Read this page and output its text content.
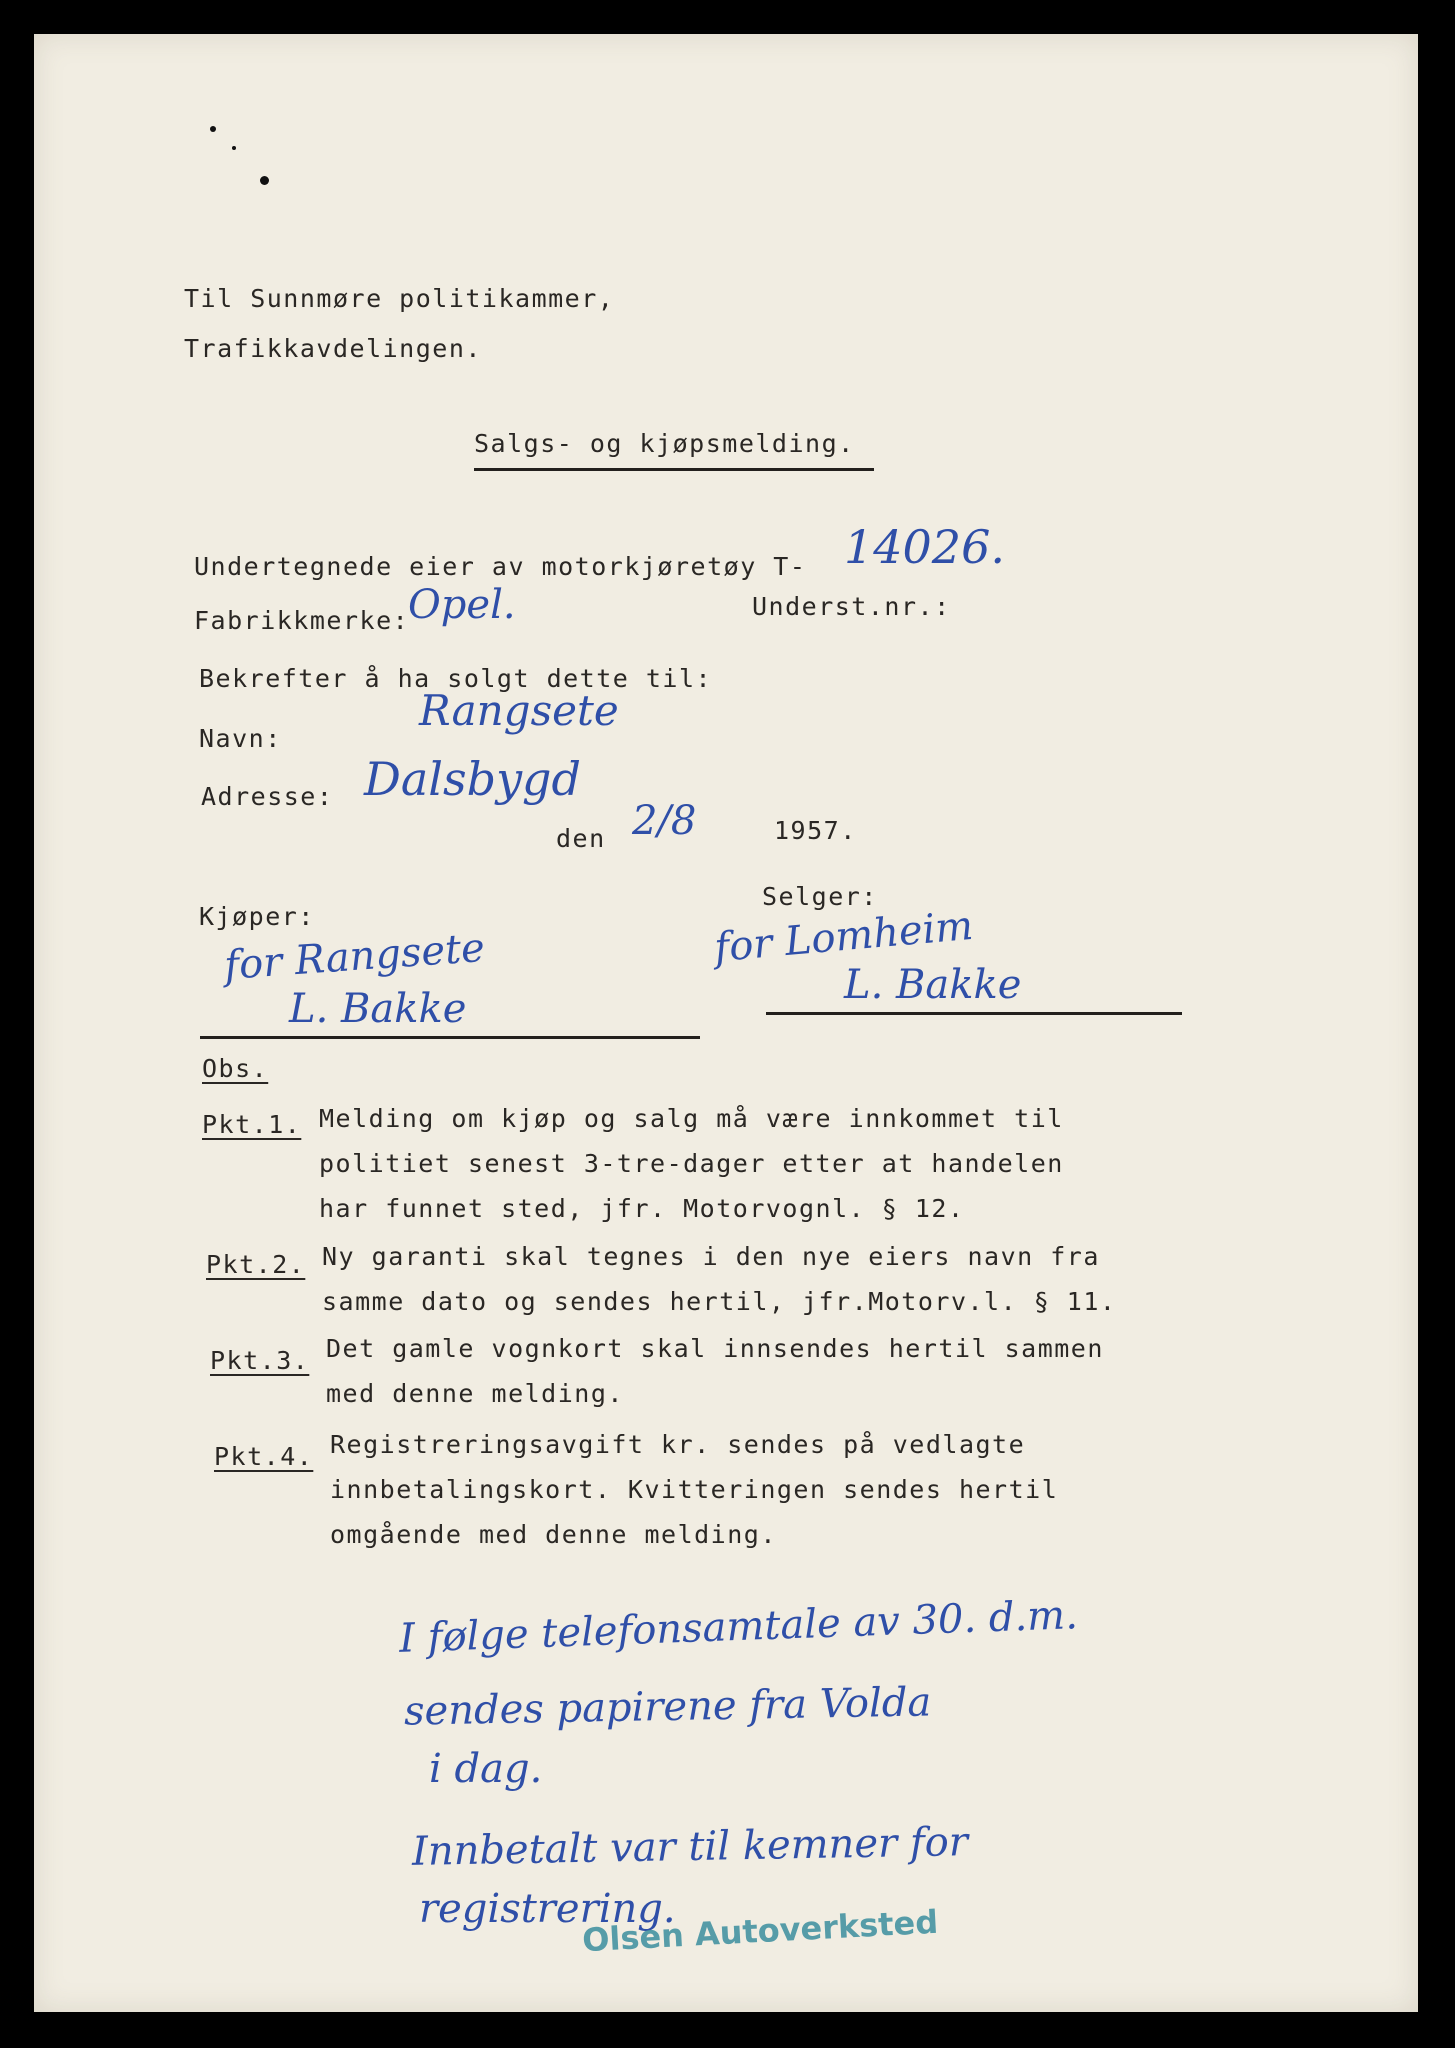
Til Sunnmøre politikammer,
Trafikkavdelingen.
Salgs- og kjøpsmelding.
Undertegnede eier av motorkjøretøy T- 14026.
Fabrikkmerke:
Opel.	Underst.nr.:
Bekrefter å ha solgt dette til:
Navn:
Rangsete
Adresse: Dalsbygd
den 2/8	1957.
Kjøper:
for Rangsete
L. Bakke
Selger:
for Lomheim
L. Bakke
Obs.
Pkt.1. Melding om kjøp og salg må være innkommet til
politiet senest 3-tre-dager etter at handelen
har funnet sted, jfr. Motorvognl. § 12.
Pkt.2. Ny garanti skal tegnes i den nye eiers navn fra
samme dato og sendes hertil, jfr.Motorv.l. § 11.
Pkt.3. Det gamle vognkort skal innsendes hertil sammen
med denne melding.
Pkt.4. Registreringsavgift kr. sendes på vedlagte
innbetalingskort. Kvitteringen sendes hertil
omgående med denne melding.
I følge telefonsamtale av 30. d.m.
sendes papirene fra Volda
i dag.
Innbetalt var til kemner for
registrering.
Olsen Autoverksted
